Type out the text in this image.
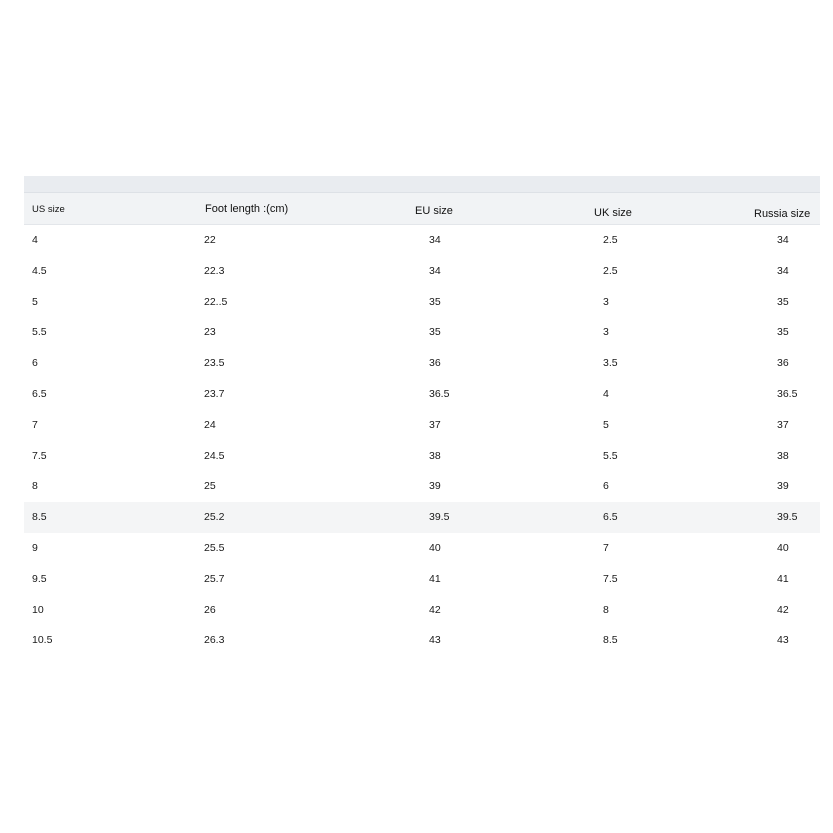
US size	Foot length :(cm)	EU size	UK size	Russia size
4	22	34	2.5	34
4.5	22.3	34	2.5	34
5	22..5	35	3	35
5.5	23	35	3	35
6	23.5	36	3.5	36
6.5	23.7	36.5	4	36.5
7	24	37	5	37
7.5	24.5	38	5.5	38
8	25	39	6	39
8.5	25.2	39.5	6.5	39.5
9	25.5	40	7	40
9.5	25.7	41	7.5	41
10	26	42	8	42
10.5	26.3	43	8.5	43
